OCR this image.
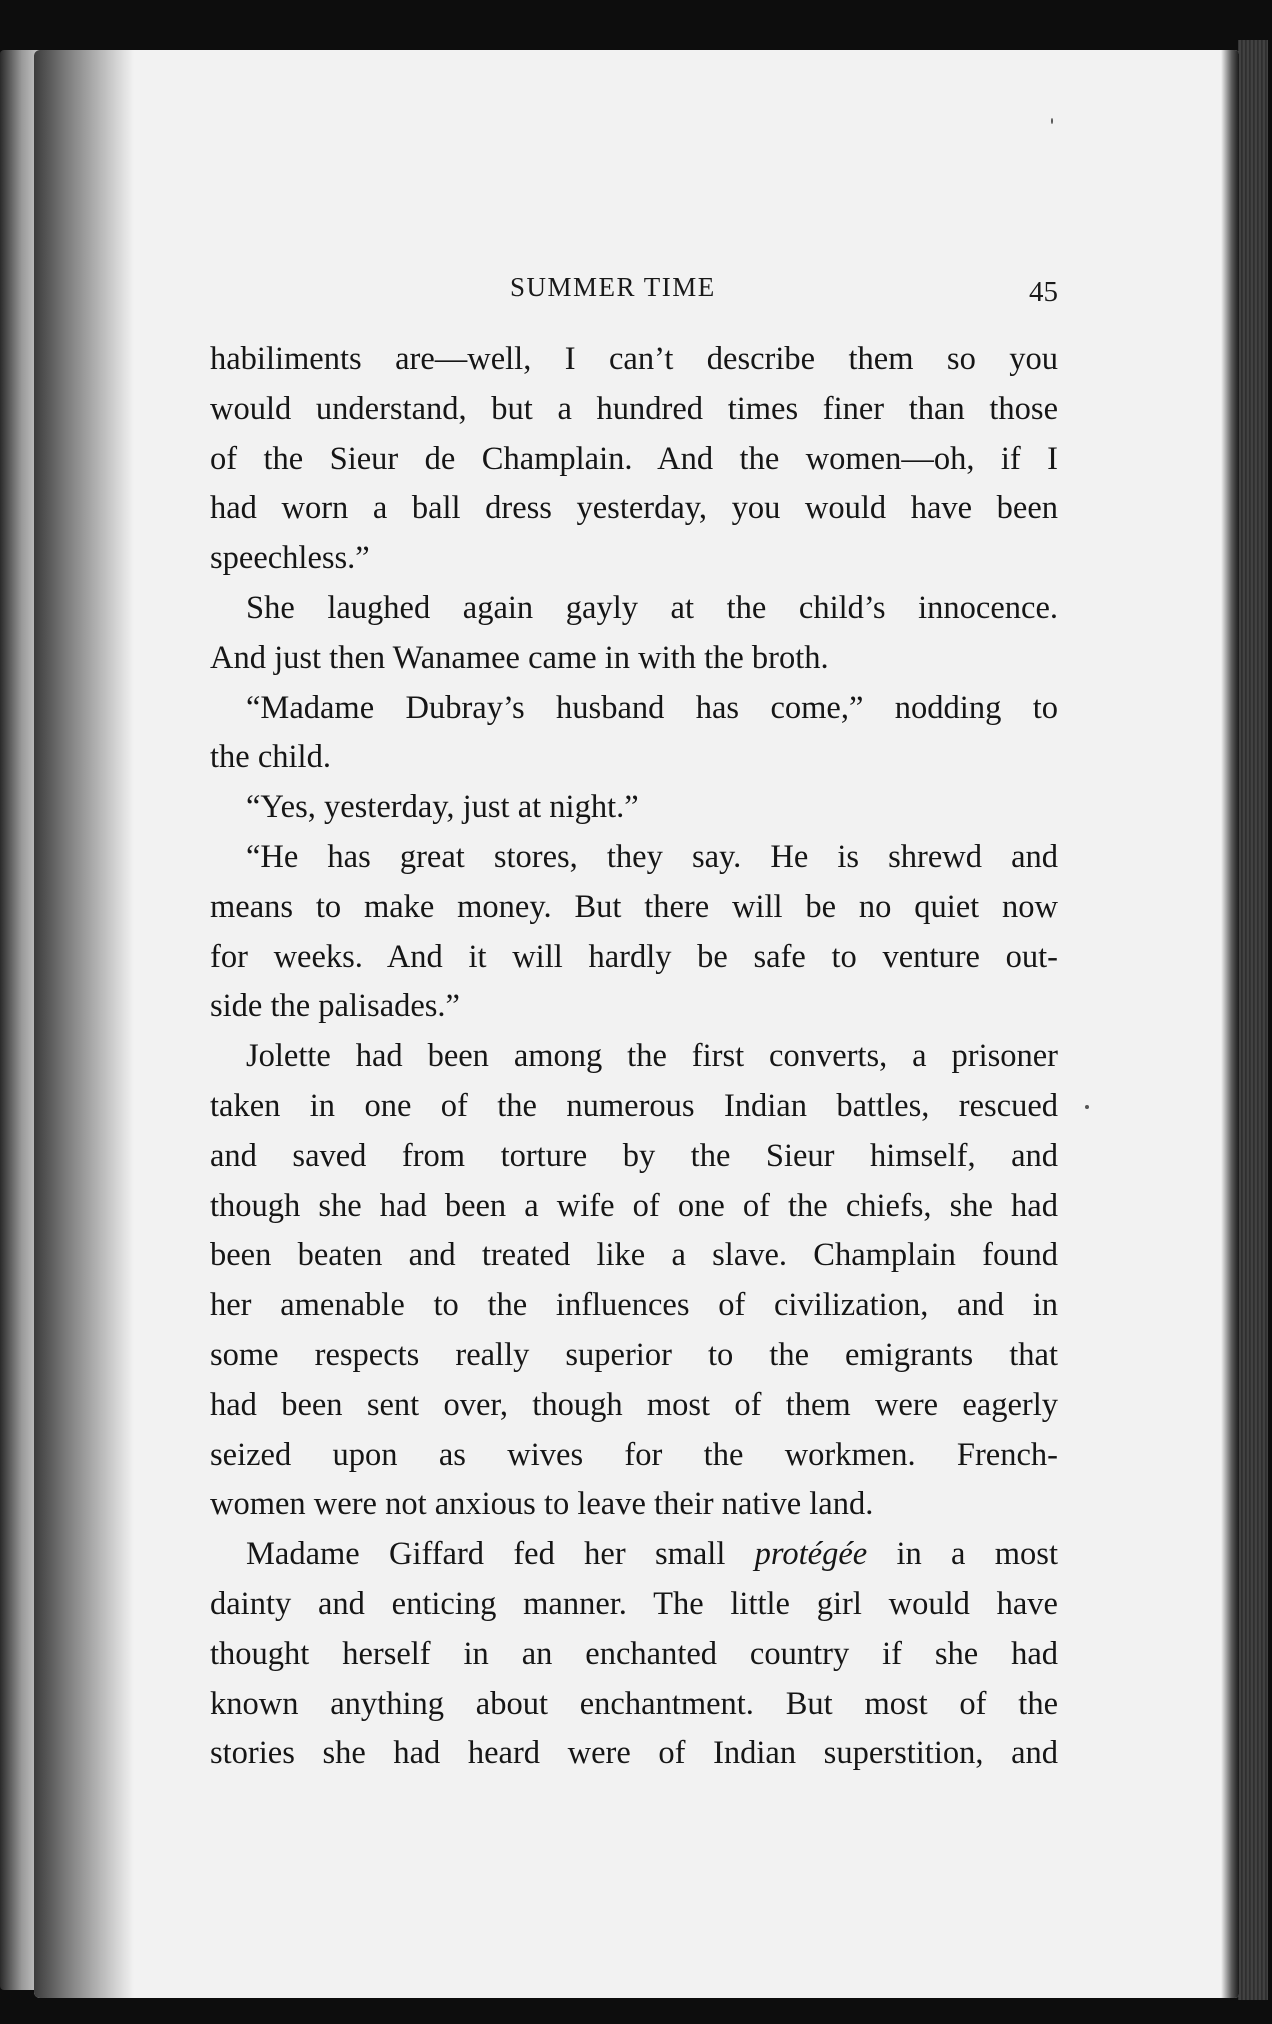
SUMMER TIME	45
habiliments are—well, I can’t describe them so you
would understand, but a hundred times finer than those
of the Sieur de Champlain. And the women—oh, if I
had worn a ball dress yesterday, you would have been
speechless.”
She laughed again gayly at the child’s innocence.
And just then Wanamee came in with the broth.
“Madame Dubray’s husband has come,” nodding to
the child.
“Yes, yesterday, just at night.”
“He has great stores, they say. He is shrewd and
means to make money. But there will be no quiet now
for weeks. And it will hardly be safe to venture out-
side the palisades.”
Jolette had been among the first converts, a prisoner
taken in one of the numerous Indian battles, rescued
and saved from torture by the Sieur himself, and
though she had been a wife of one of the chiefs, she had
been beaten and treated like a slave. Champlain found
her amenable to the influences of civilization, and in
some respects really superior to the emigrants that
had been sent over, though most of them were eagerly
seized upon as wives for the workmen. French-
women were not anxious to leave their native land.
Madame Giffard fed her small protégée in a most
dainty and enticing manner. The little girl would have
thought herself in an enchanted country if she had
known anything about enchantment. But most of the
stories she had heard were of Indian superstition, and
